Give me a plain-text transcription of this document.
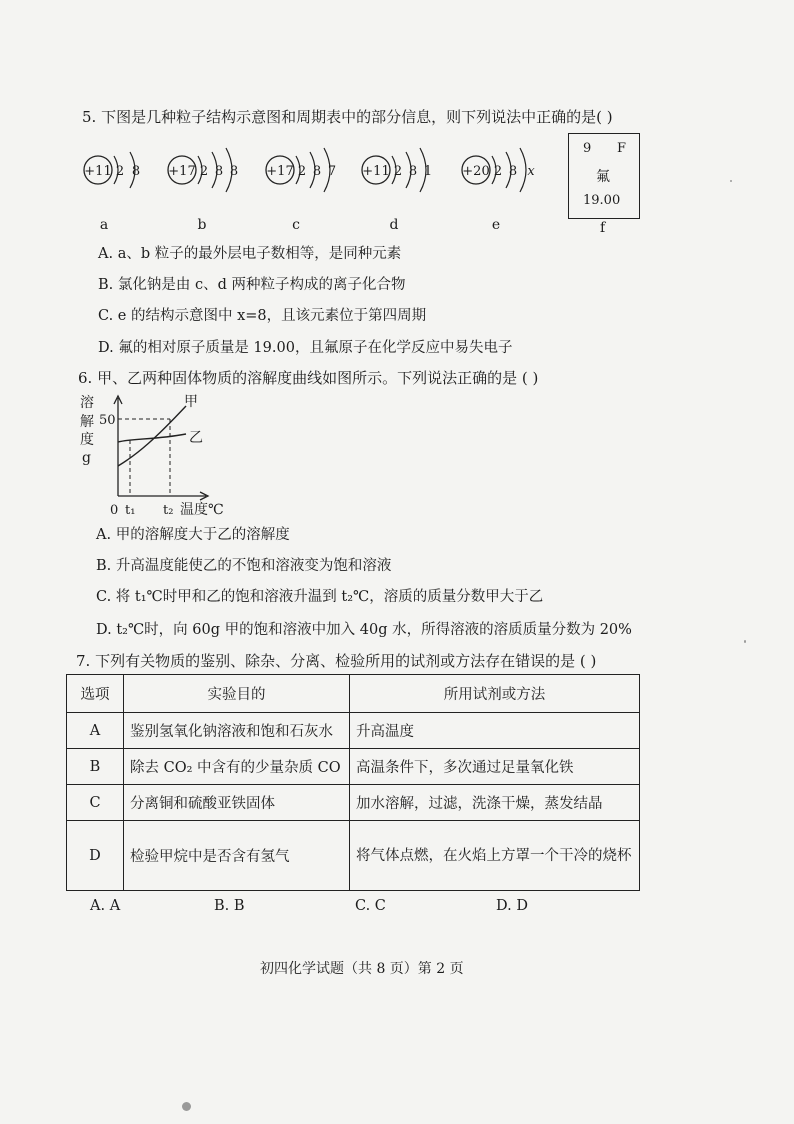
5. 下图是几种粒子结构示意图和周期表中的部分信息，则下列说法中正确的是( )
+11 2 8
a
+17 2 8 8
b
+17 2 8 7
c
+11 2 8 1
d
+20 2 8 x
e
9 F
氟
19.00
f
A. a、b 粒子的最外层电子数相等，是同种元素
B. 氯化钠是由 c、d 两种粒子构成的离子化合物
C. e 的结构示意图中 x=8，且该元素位于第四周期
D. 氟的相对原子质量是 19.00，且氟原子在化学反应中易失电子
6. 甲、乙两种固体物质的溶解度曲线如图所示。下列说法正确的是 ( )
溶
解
度
g
50
甲
乙
0 t₁ t₂ 温度℃
A. 甲的溶解度大于乙的溶解度
B. 升高温度能使乙的不饱和溶液变为饱和溶液
C. 将 t₁℃时甲和乙的饱和溶液升温到 t₂℃，溶质的质量分数甲大于乙
D. t₂℃时，向 60g 甲的饱和溶液中加入 40g 水，所得溶液的溶质质量分数为 20%
7. 下列有关物质的鉴别、除杂、分离、检验所用的试剂或方法存在错误的是 ( )
选项	实验目的	所用试剂或方法
A	鉴别氢氧化钠溶液和饱和石灰水	升高温度
B	除去 CO₂ 中含有的少量杂质 CO	高温条件下，多次通过足量氧化铁
C	分离铜和硫酸亚铁固体	加水溶解，过滤，洗涤干燥，蒸发结晶
D	检验甲烷中是否含有氢气	将气体点燃，在火焰上方罩一个干冷的烧杯
A. A	B. B	C. C	D. D
初四化学试题（共 8 页）第 2 页
